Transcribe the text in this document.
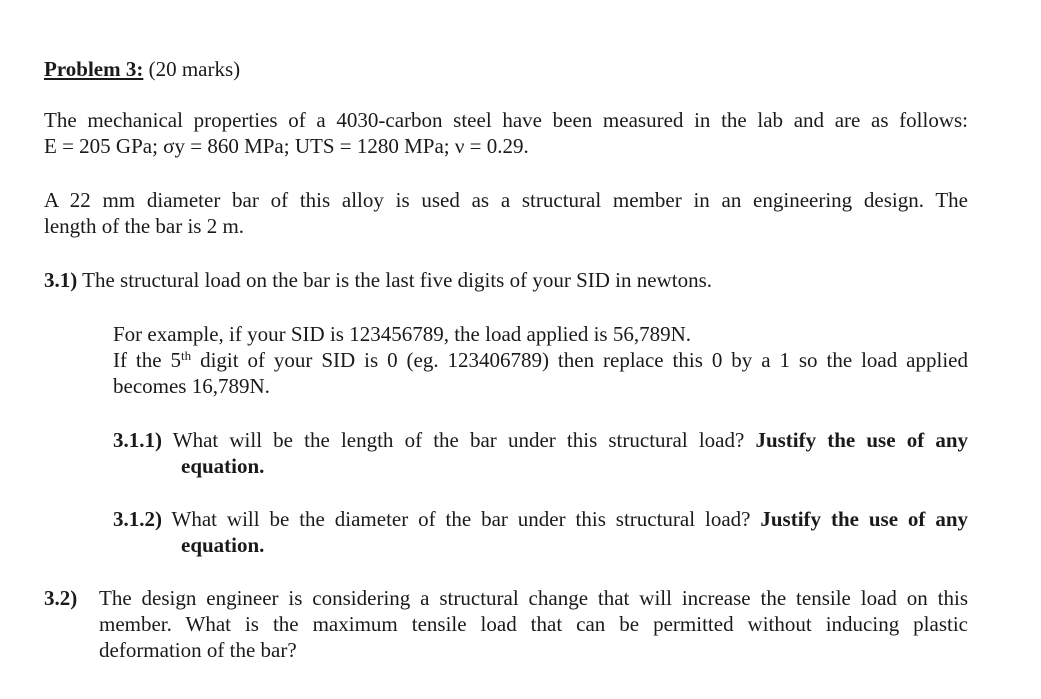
Problem 3: (20 marks)
The mechanical properties of a 4030-carbon steel have been measured in the lab and are as follows:
E = 205 GPa; σy = 860 MPa; UTS = 1280 MPa; ν = 0.29.
A 22 mm diameter bar of this alloy is used as a structural member in an engineering design. The
length of the bar is 2 m.
3.1) The structural load on the bar is the last five digits of your SID in newtons.
For example, if your SID is 123456789, the load applied is 56,789N.
If the 5th digit of your SID is 0 (eg. 123406789) then replace this 0 by a 1 so the load applied
becomes 16,789N.
3.1.1) What will be the length of the bar under this structural load? Justify the use of any
equation.
3.1.2) What will be the diameter of the bar under this structural load? Justify the use of any
equation.
3.2) The design engineer is considering a structural change that will increase the tensile load on this
member. What is the maximum tensile load that can be permitted without inducing plastic
deformation of the bar?
